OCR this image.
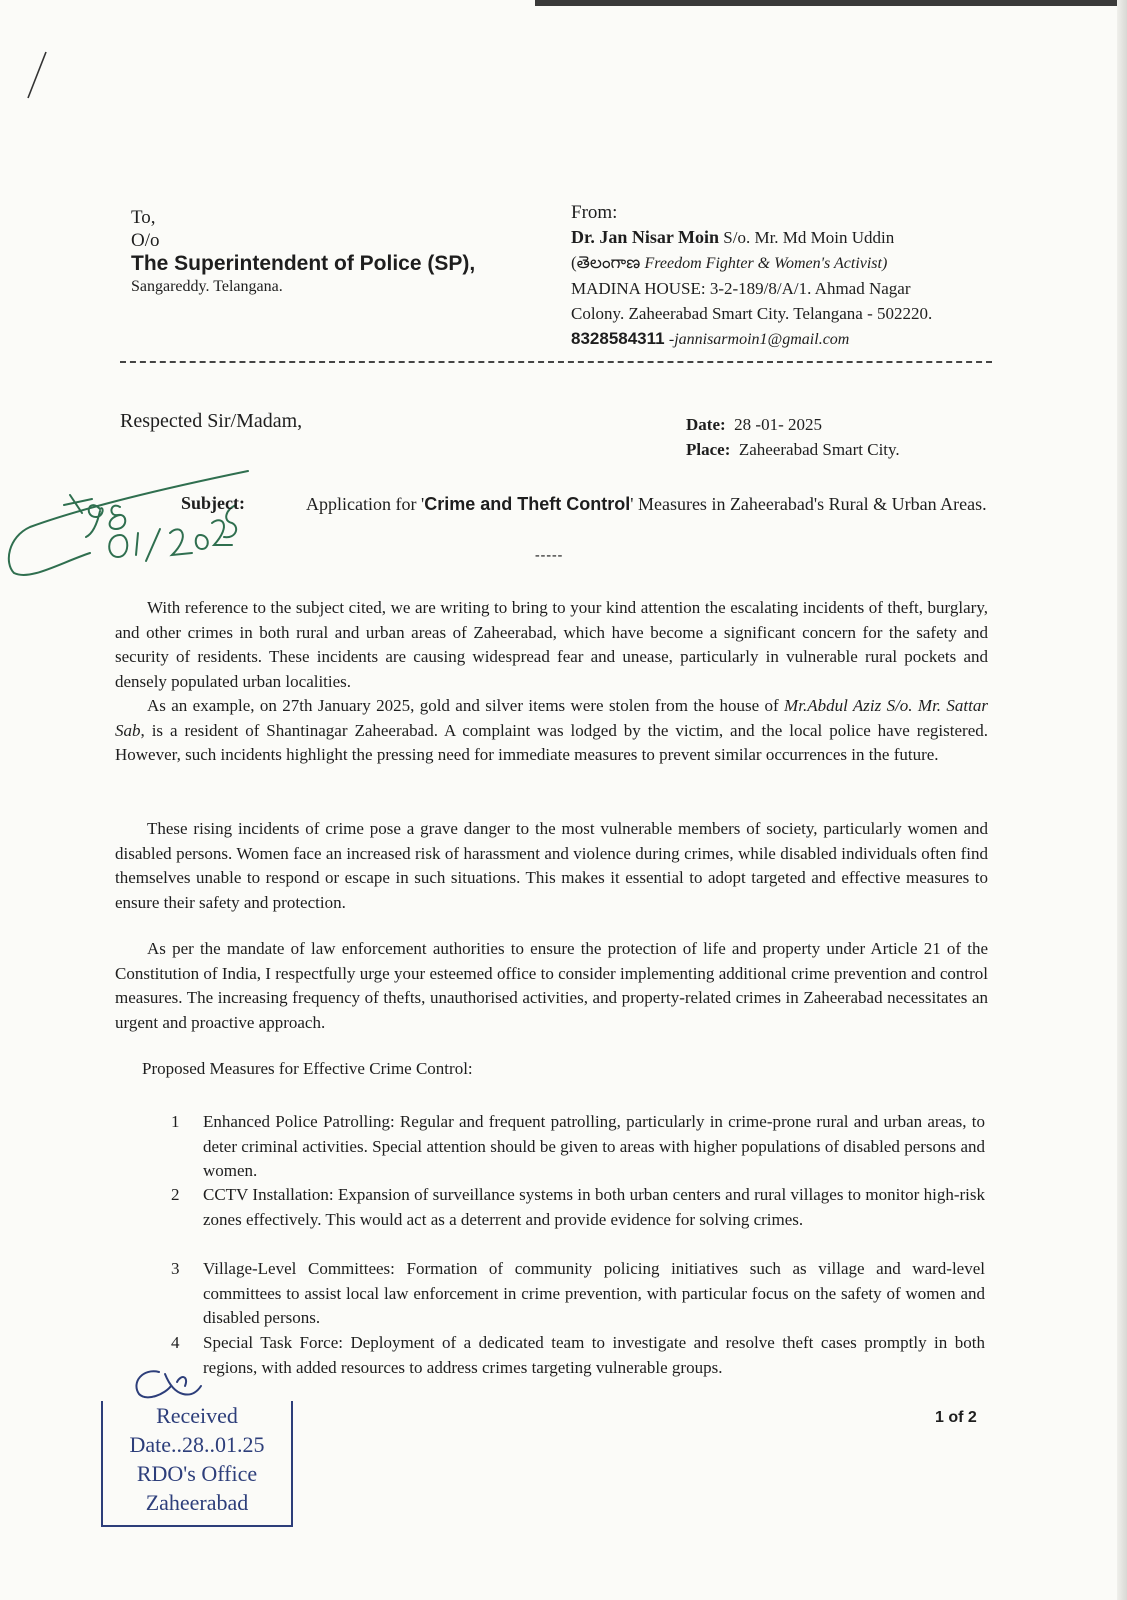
To,
O/o
The Superintendent of Police (SP),
Sangareddy. Telangana.
From:
Dr. Jan Nisar Moin S/o. Mr. Md Moin Uddin
(తెలంగాణ Freedom Fighter & Women's Activist)
MADINA HOUSE: 3-2-189/8/A/1. Ahmad Nagar
Colony. Zaheerabad Smart City. Telangana - 502220.
8328584311 -jannisarmoin1@gmail.com
Respected Sir/Madam,	Date: 28 -01- 2025
Place: Zaheerabad Smart City.
Subject:	Application for 'Crime and Theft Control' Measures in Zaheerabad's Rural & Urban Areas.
-----
With reference to the subject cited, we are writing to bring to your kind attention the escalating incidents of theft, burglary, and other crimes in both rural and urban areas of Zaheerabad, which have become a significant concern for the safety and security of residents. These incidents are causing widespread fear and unease, particularly in vulnerable rural pockets and densely populated urban localities.
As an example, on 27th January 2025, gold and silver items were stolen from the house of Mr.Abdul Aziz S/o. Mr. Sattar Sab, is a resident of Shantinagar Zaheerabad. A complaint was lodged by the victim, and the local police have registered. However, such incidents highlight the pressing need for immediate measures to prevent similar occurrences in the future.
These rising incidents of crime pose a grave danger to the most vulnerable members of society, particularly women and disabled persons. Women face an increased risk of harassment and violence during crimes, while disabled individuals often find themselves unable to respond or escape in such situations. This makes it essential to adopt targeted and effective measures to ensure their safety and protection.
As per the mandate of law enforcement authorities to ensure the protection of life and property under Article 21 of the Constitution of India, I respectfully urge your esteemed office to consider implementing additional crime prevention and control measures. The increasing frequency of thefts, unauthorised activities, and property-related crimes in Zaheerabad necessitates an urgent and proactive approach.
Proposed Measures for Effective Crime Control:
1	Enhanced Police Patrolling: Regular and frequent patrolling, particularly in crime-prone rural and urban areas, to deter criminal activities. Special attention should be given to areas with higher populations of disabled persons and women.
2	CCTV Installation: Expansion of surveillance systems in both urban centers and rural villages to monitor high-risk zones effectively. This would act as a deterrent and provide evidence for solving crimes.
3	Village-Level Committees: Formation of community policing initiatives such as village and ward-level committees to assist local law enforcement in crime prevention, with particular focus on the safety of women and disabled persons.
4	Special Task Force: Deployment of a dedicated team to investigate and resolve theft cases promptly in both regions, with added resources to address crimes targeting vulnerable groups.
1 of 2
Received
Date..28..01.25
RDO's Office
Zaheerabad
